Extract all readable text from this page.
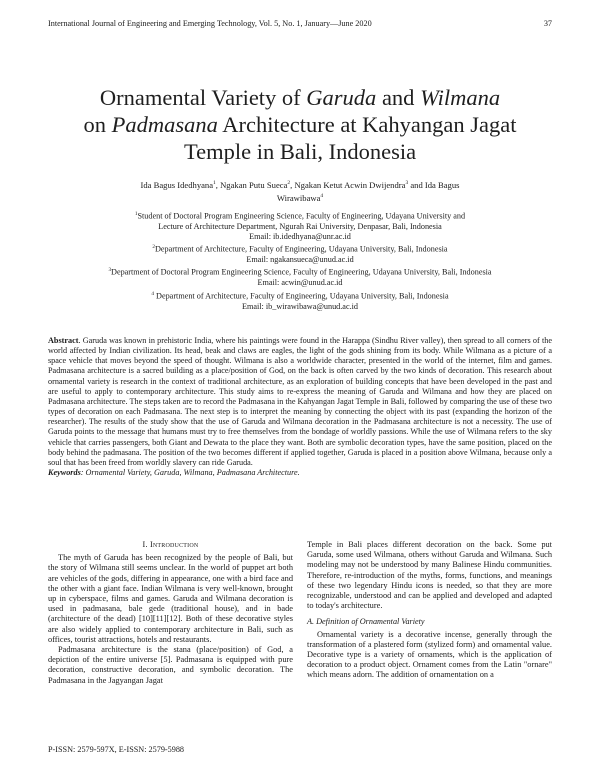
International Journal of Engineering and Emerging Technology, Vol. 5, No. 1, January—June 2020	37
Ornamental Variety of Garuda and Wilmana
on Padmasana Architecture at Kahyangan Jagat
Temple in Bali, Indonesia
Ida Bagus Idedhyana$^1$, Ngakan Putu Sueca$^2$, Ngakan Ketut Acwin Dwijendra$^3$ and Ida Bagus
Wirawibawa$^4$
$^1$Student of Doctoral Program Engineering Science, Faculty of Engineering, Udayana University and
Lecture of Architecture Department, Ngurah Rai University, Denpasar, Bali, Indonesia
Email: ib.idedhyana@unr.ac.id
$^2$Department of Architecture, Faculty of Engineering, Udayana University, Bali, Indonesia
Email: ngakansueca@unud.ac.id
$^3$Department of Doctoral Program Engineering Science, Faculty of Engineering, Udayana University, Bali, Indonesia
Email: acwin@unud.ac.id
$^4$ Department of Architecture, Faculty of Engineering, Udayana University, Bali, Indonesia
Email: ib_wirawibawa@unud.ac.id

Abstract. Garuda was known in prehistoric India, where his paintings were found in the Harappa (Sindhu River valley), then spread to all corners of the world affected by Indian civilization. Its head, beak and claws are eagles, the light of the gods shining from its body. While Wilmana as a picture of a space vehicle that moves beyond the speed of thought. Wilmana is also a worldwide character, presented in the world of the internet, film and games. Padmasana architecture is a sacred building as a place/position of God, on the back is often carved by the two kinds of decoration. This research about ornamental variety is research in the context of traditional architecture, as an exploration of building concepts that have been developed in the past and are useful to apply to contemporary architecture. This study aims to re-express the meaning of Garuda and Wilmana and how they are placed on Padmasana architecture. The steps taken are to record the Padmasana in the Kahyangan Jagat Temple in Bali, followed by comparing the use of these two types of decoration on each Padmasana. The next step is to interpret the meaning by connecting the object with its past (expanding the horizon of the researcher). The results of the study show that the use of Garuda and Wilmana decoration in the Padmasana architecture is not a necessity. The use of Garuda points to the message that humans must try to free themselves from the bondage of worldly passions. While the use of Wilmana refers to the sky vehicle that carries passengers, both Giant and Dewata to the place they want. Both are symbolic decoration types, have the same position, placed on the body behind the padmasana. The position of the two becomes different if applied together, Garuda is placed in a position above Wilmana, because only a soul that has been freed from worldly slavery can ride Garuda.

Keywords: Ornamental Variety, Garuda, Wilmana, Padmasana Architecture.

I. Introduction

The myth of Garuda has been recognized by the people of Bali, but the story of Wilmana still seems unclear. In the world of puppet art both are vehicles of the gods, differing in appearance, one with a bird face and the other with a giant face. Indian Wilmana is very well-known, brought up in cyberspace, films and games. Garuda and Wilmana decoration is used in padmasana, bale gede (traditional house), and in bade (architecture of the dead) [10][11][12]. Both of these decorative styles are also widely applied to contemporary architecture in Bali, such as offices, tourist attractions, hotels and restaurants.

Padmasana architecture is the stana (place/position) of God, a depiction of the entire universe [5]. Padmasana is equipped with pure decoration, constructive decoration, and symbolic decoration. The Padmasana in the Jagyangan Jagat

Temple in Bali places different decoration on the back. Some put Garuda, some used Wilmana, others without Garuda and Wilmana. Such modeling may not be understood by many Balinese Hindu communities. Therefore, re-introduction of the myths, forms, functions, and meanings of these two legendary Hindu icons is needed, so that they are more recognizable, understood and can be applied and developed and adapted to today's architecture.

A. Definition of Ornamental Variety

Ornamental variety is a decorative incense, generally through the transformation of a plastered form (stylized form) and ornamental value. Decorative type is a variety of ornaments, which is the application of decoration to a product object. Ornament comes from the Latin "ornare" which means adorn. The addition of ornamentation on a

P-ISSN: 2579-597X, E-ISSN: 2579-5988
